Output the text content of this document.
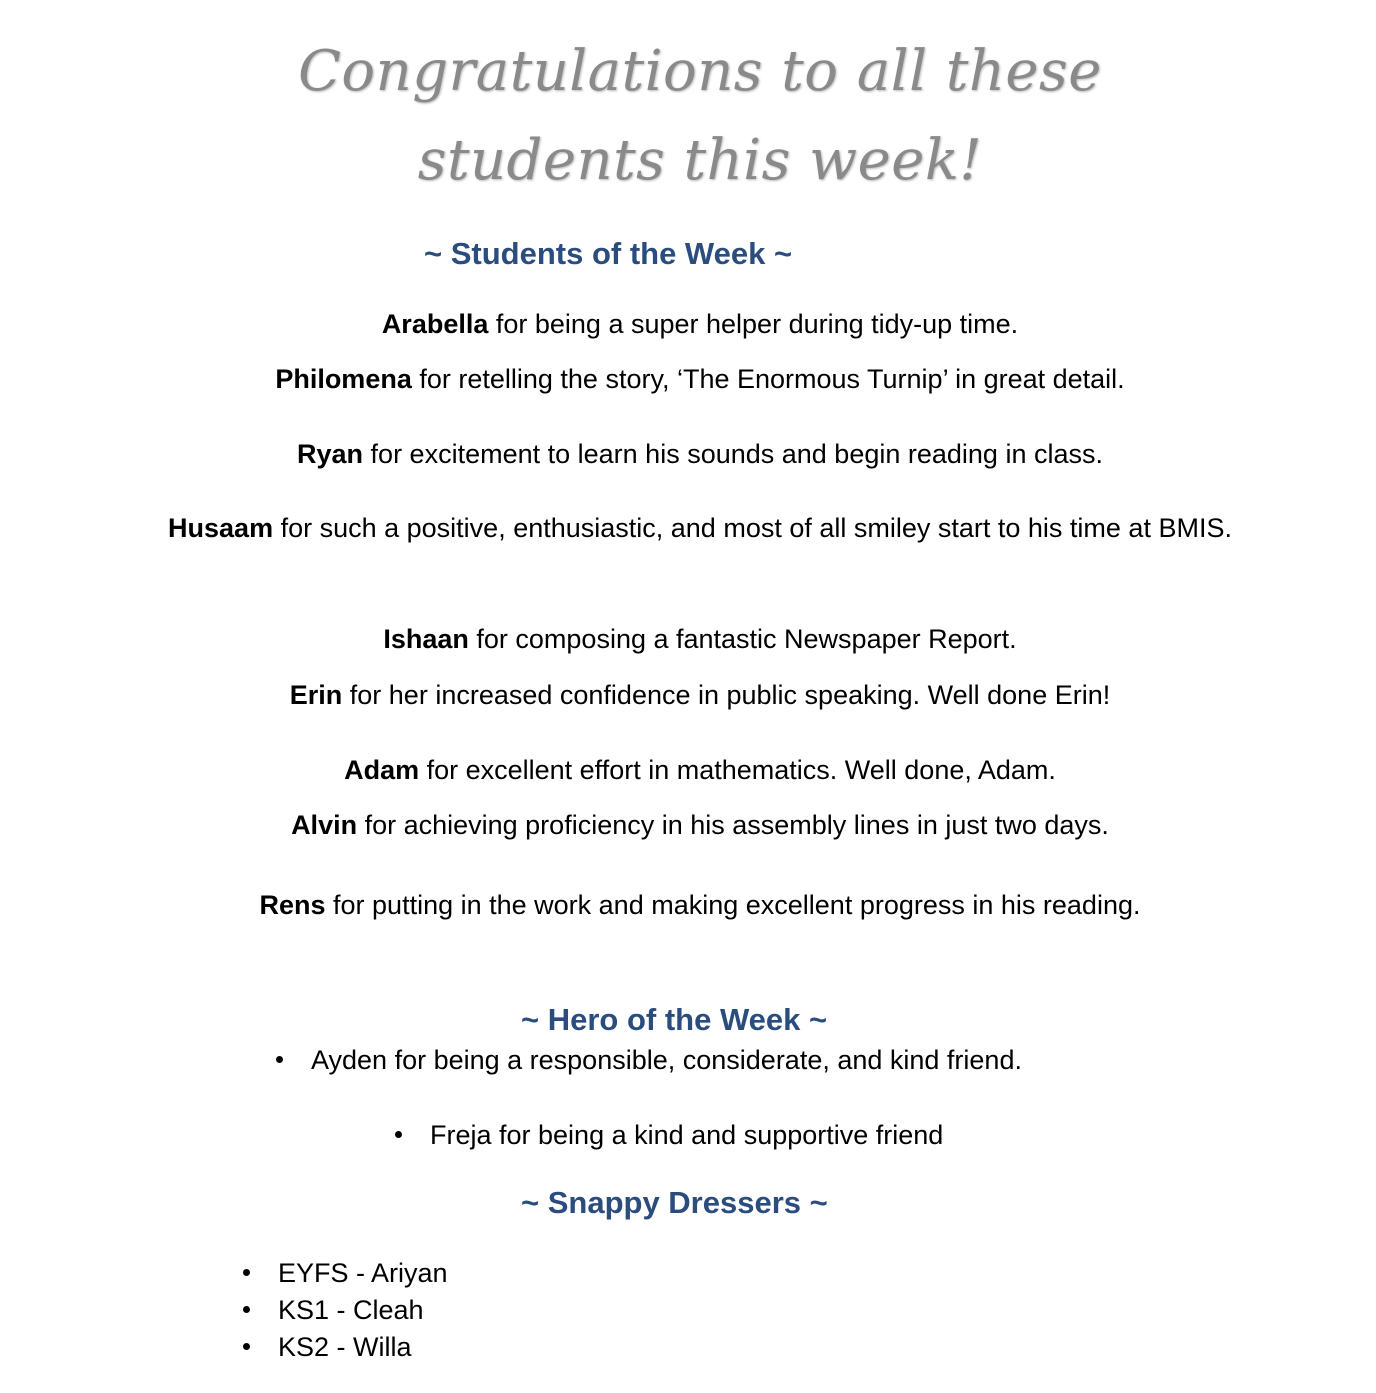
Congratulations to all these
students this week!
~ Students of the Week ~
Arabella for being a super helper during tidy-up time.
Philomena for retelling the story, ‘The Enormous Turnip’ in great detail.
Ryan for excitement to learn his sounds and begin reading in class.
Husaam for such a positive, enthusiastic, and most of all smiley start to his time at BMIS.
Ishaan for composing a fantastic Newspaper Report.
Erin for her increased confidence in public speaking. Well done Erin!
Adam for excellent effort in mathematics. Well done, Adam.
Alvin for achieving proficiency in his assembly lines in just two days.
Rens for putting in the work and making excellent progress in his reading.
~ Hero of the Week ~
Ayden for being a responsible, considerate, and kind friend.
Freja for being a kind and supportive friend
~ Snappy Dressers ~
EYFS - Ariyan
KS1 - Cleah
KS2 - Willa
